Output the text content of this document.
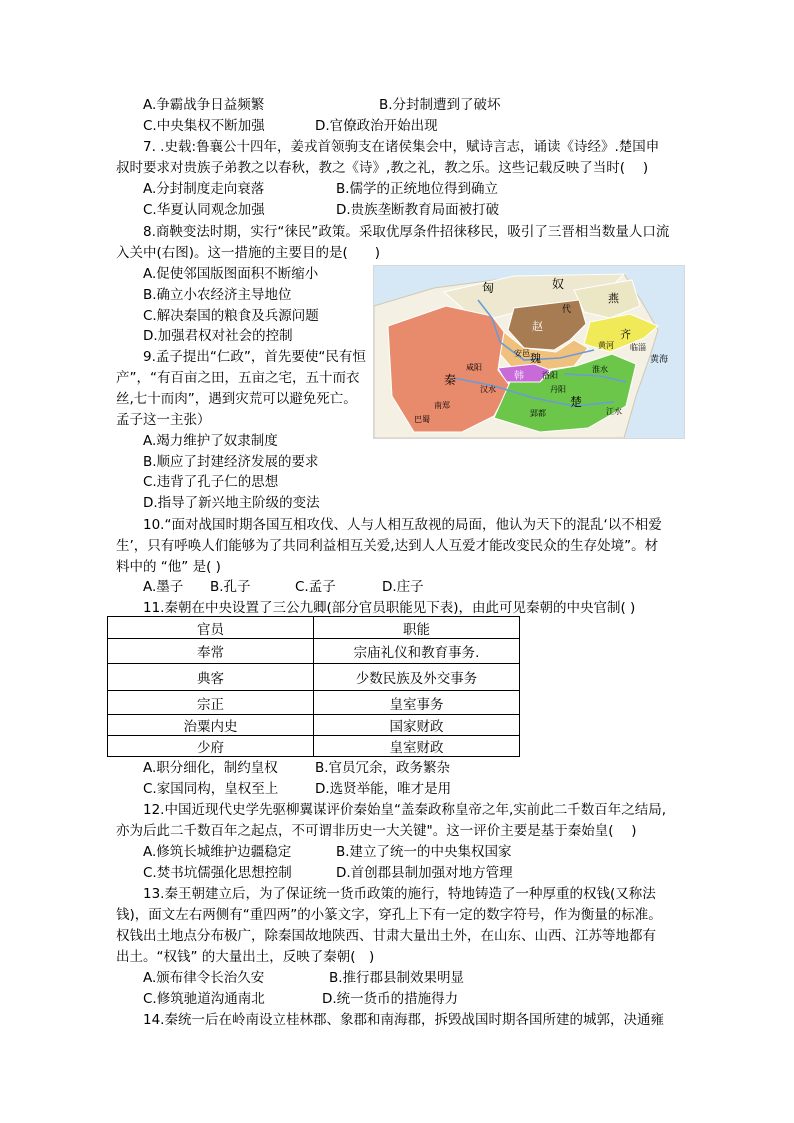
A.争霸战争日益频繁	B.分封制遭到了破坏
C.中央集权不断加强	D.官僚政治开始出现
7. .史载:鲁襄公十四年，姜戎首领驹支在诸侯集会中，赋诗言志，诵读《诗经》.楚国申
叔时要求对贵族子弟教之以春秋，教之《诗》,教之礼，教之乐。这些记载反映了当时(　 )
A.分封制度走向衰落	B.儒学的正统地位得到确立
C.华夏认同观念加强	D.贵族垄断教育局面被打破
8.商鞅变法时期，实行“徕民”政策。采取优厚条件招徕移民，吸引了三晋相当数量人口流
入关中(右图)。这一措施的主要目的是(　　)
A.促使邻国版图面积不断缩小
B.确立小农经济主导地位
C.解决秦国的粮食及兵源问题
D.加强君权对社会的控制
9.孟子提出“仁政”，首先要使“民有恒
产”，“有百亩之田，五亩之宅，五十而衣
丝,七十而肉”，遇到灾荒可以避免死亡。
孟子这一主张）
A.竭力维护了奴隶制度
B.顺应了封建经济发展的要求
C.违背了孔子仁的思想
D.指导了新兴地主阶级的变法
匈	奴
燕
代
赵
齐
临淄
魏
安邑
韩 洛阳
秦
咸阳
南郑
巴蜀
汉水
楚
郢都
丹阳
淮水
江水
黄河
黄海
10.“面对战国时期各国互相攻伐、人与人相互敌视的局面，他认为天下的混乱‘以不相爱
生’，只有呼唤人们能够为了共同利益相互关爱,达到人人互爱才能改变民众的生存处境”。材
料中的 “他” 是( )
A.墨子 B.孔子	C.孟子	D.庄子
11.秦朝在中央设置了三公九卿(部分官员职能见下表)，由此可见秦朝的中央官制( )
官员	职能
奉常	宗庙礼仪和教育事务.
典客	少数民族及外交事务
宗正	皇室事务
治粟内史	国家财政
少府	皇室财政
A.职分细化，制约皇权	B.官员冗余，政务繁杂
C.家国同构，皇权至上	D.选贤举能，唯才是用
12.中国近现代史学先驱柳翼谋评价秦始皇“盖秦政称皇帝之年,实前此二千数百年之结局,
亦为后此二千数百年之起点，不可谓非历史一大关键"。这一评价主要是基于秦始皇(　 )
A.修筑长城维护边疆稳定	B.建立了统一的中央集权国家
C.焚书坑儒强化思想控制	D.首创郡县制加强对地方管理
13.秦王朝建立后，为了保证统一货币政策的施行，特地铸造了一种厚重的权钱(又称法
钱)，面文左右两侧有“重四两”的小篆文字，穿孔上下有一定的数字符号，作为衡量的标准。
权钱出土地点分布极广，除秦国故地陕西、甘肃大量出土外，在山东、山西、江苏等地都有
出土。“权钱” 的大量出土，反映了秦朝(　)
A.颁布律令长治久安	B.推行郡县制效果明显
C.修筑驰道沟通南北	D.统一货币的措施得力
14.秦统一后在岭南设立桂林郡、象郡和南海郡，拆毁战国时期各国所建的城郭，决通雍
